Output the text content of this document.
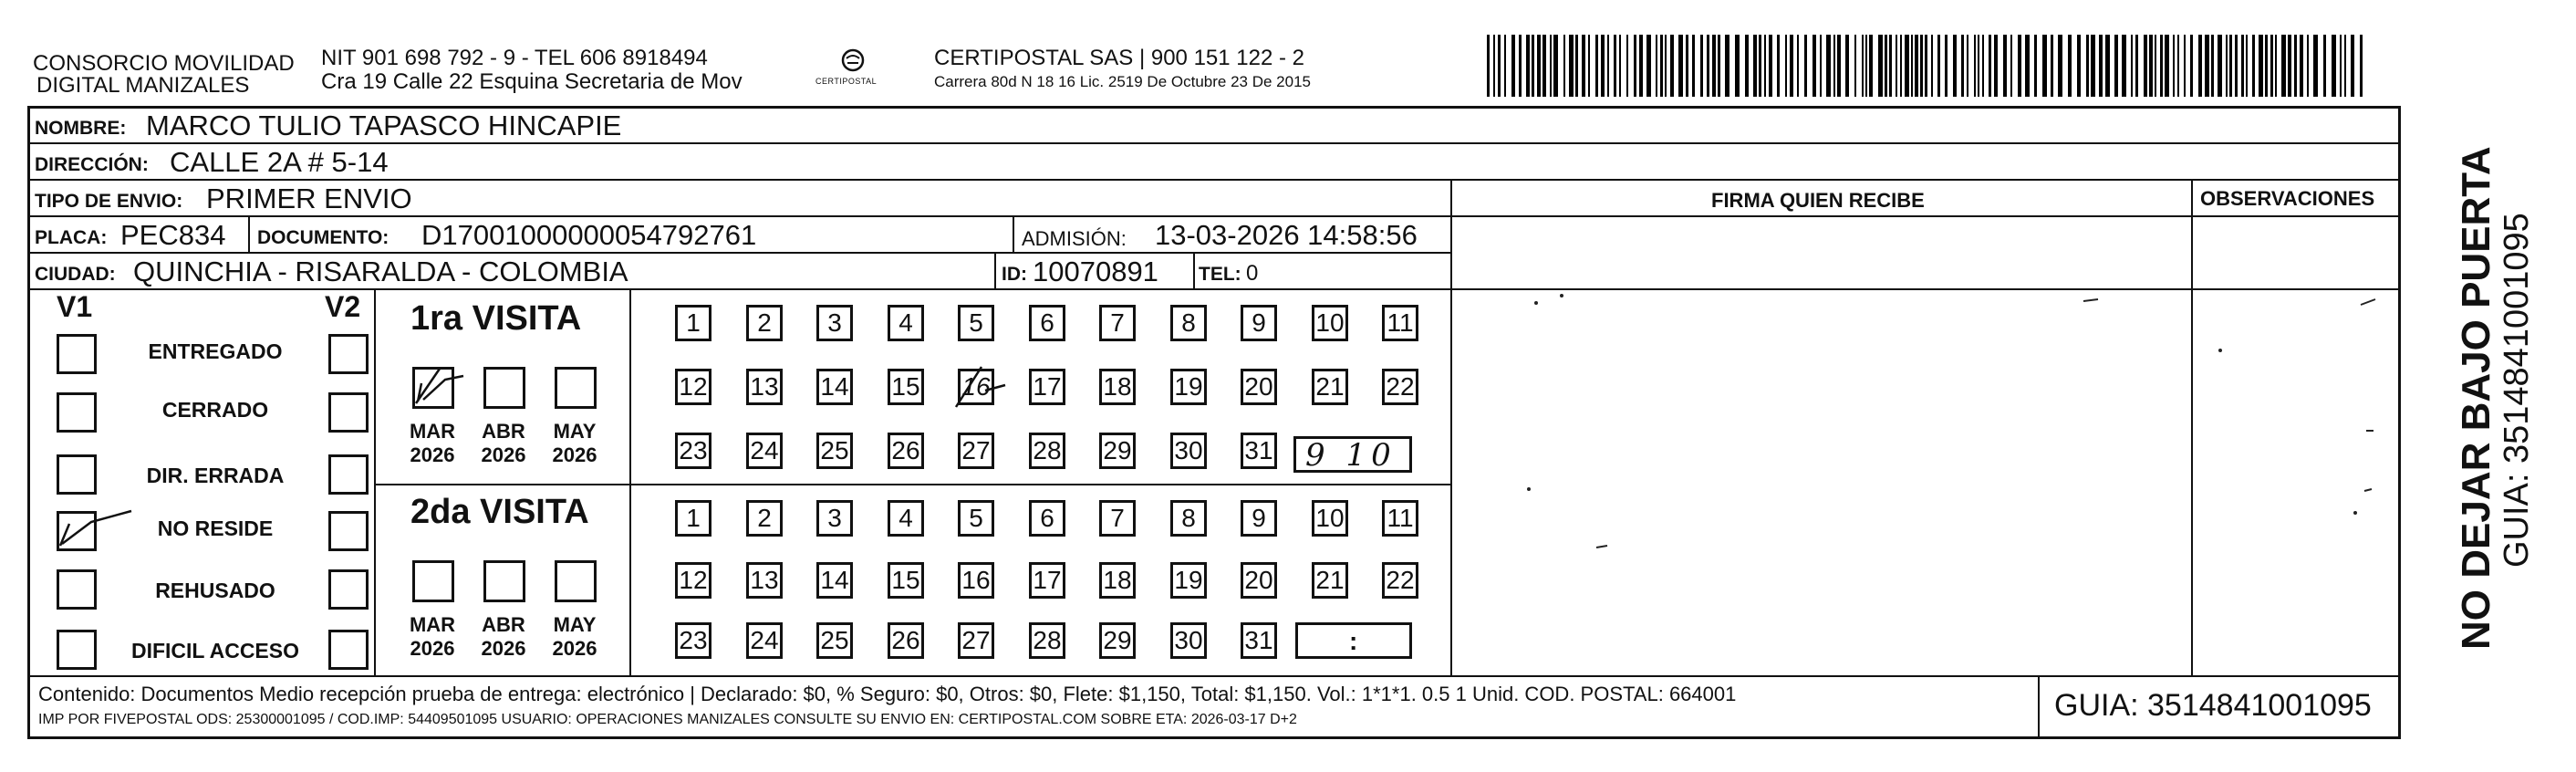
CONSORCIO MOVILIDAD
DIGITAL MANIZALES
NIT 901 698 792 - 9 - TEL 606 8918494
Cra 19 Calle 22 Esquina Secretaria de Mov	CERTIPOSTAL
CERTIPOSTAL SAS | 900 151 122 - 2
Carrera 80d N 18 16 Lic. 2519 De Octubre 23 De 2015
NOMBRE: MARCO TULIO TAPASCO HINCAPIE
DIRECCIÓN: CALLE 2A # 5-14
TIPO DE ENVIO: PRIMER ENVIO
PLACA: PEC834 DOCUMENTO: D17001000000054792761	ADMISIÓN: 13-03-2026 14:58:56
CIUDAD: QUINCHIA - RISARALDA - COLOMBIA	ID: 10070891 TEL: 0
FIRMA QUIEN RECIBE	OBSERVACIONES
V1	V2
ENTREGADO
CERRADO
DIR. ERRADA
NO RESIDE
REHUSADO
DIFICIL ACCESO
1ra VISITA
MAR
2026
ABR
2026
MAY
2026
1	2	3	4	5	6	7	8	9	10 11
12 13 14 15 16 17 18 19 20 21 22
23 24 25 26 27 28 29 30 31 9 10
2da VISITA
MAR
2026
ABR
2026
MAY
2026
1	2	3	4	5	6	7	8	9	10 11
12 13 14 15 16 17 18 19 20 21 22
23 24 25 26 27 28 29 30 31	:
Contenido: Documentos Medio recepción prueba de entrega: electrónico | Declarado: $0, % Seguro: $0, Otros: $0, Flete: $1,150, Total: $1,150. Vol.: 1*1*1. 0.5 1 Unid. COD. POSTAL: 664001
IMP POR FIVEPOSTAL ODS: 25300001095 / COD.IMP: 54409501095 USUARIO: OPERACIONES MANIZALES CONSULTE SU ENVIO EN: CERTIPOSTAL.COM SOBRE ETA: 2026-03-17 D+2	GUIA: 3514841001095
NO DEJAR BAJO PUERTA GUIA: 3514841001095
